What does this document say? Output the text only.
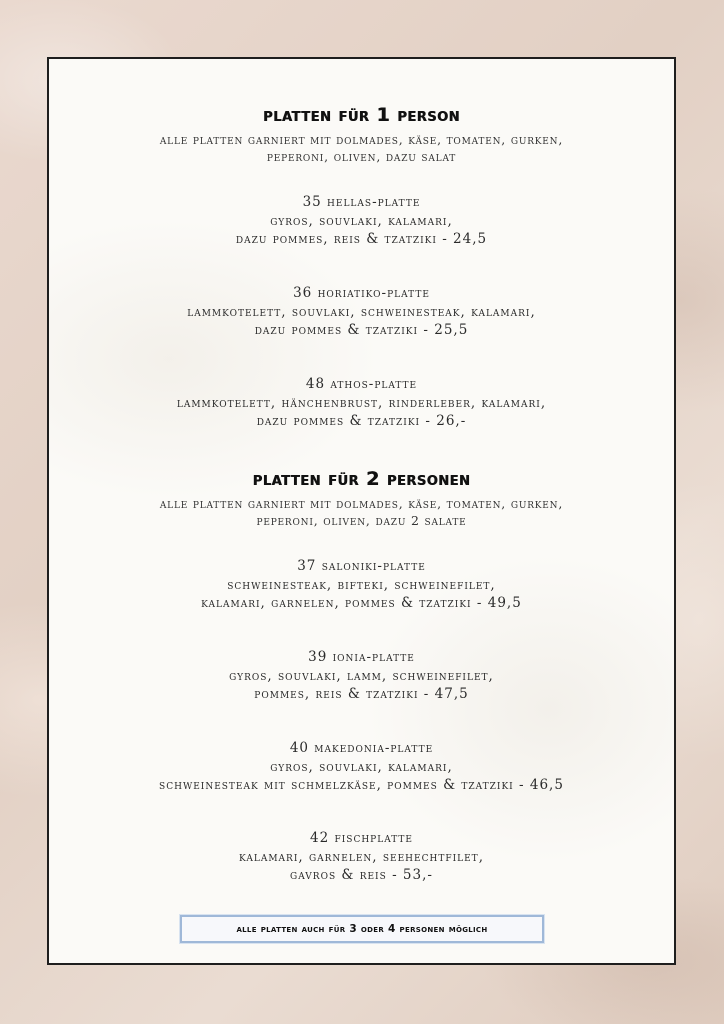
platten für 1 person
alle platten garniert mit dolmades, käse, tomaten, gurken,
peperoni, oliven, dazu salat
35 hellas-platte
gyros, souvlaki, kalamari,
dazu pommes, reis & tzatziki - 24,5
36 horiatiko-platte
lammkotelett, souvlaki, schweinesteak, kalamari,
dazu pommes & tzatziki - 25,5
48 athos-platte
lammkotelett, hänchenbrust, rinderleber, kalamari,
dazu pommes & tzatziki - 26,-
platten für 2 personen
alle platten garniert mit dolmades, käse, tomaten, gurken,
peperoni, oliven, dazu 2 salate
37 saloniki-platte
schweinesteak, bifteki, schweinefilet,
kalamari, garnelen, pommes & tzatziki - 49,5
39 ionia-platte
gyros, souvlaki, lamm, schweinefilet,
pommes, reis & tzatziki - 47,5
40 makedonia-platte
gyros, souvlaki, kalamari,
schweinesteak mit schmelzkäse, pommes & tzatziki - 46,5
42 fischplatte
kalamari, garnelen, seehechtfilet,
gavros & reis - 53,-
alle platten auch für 3 oder 4 personen möglich
